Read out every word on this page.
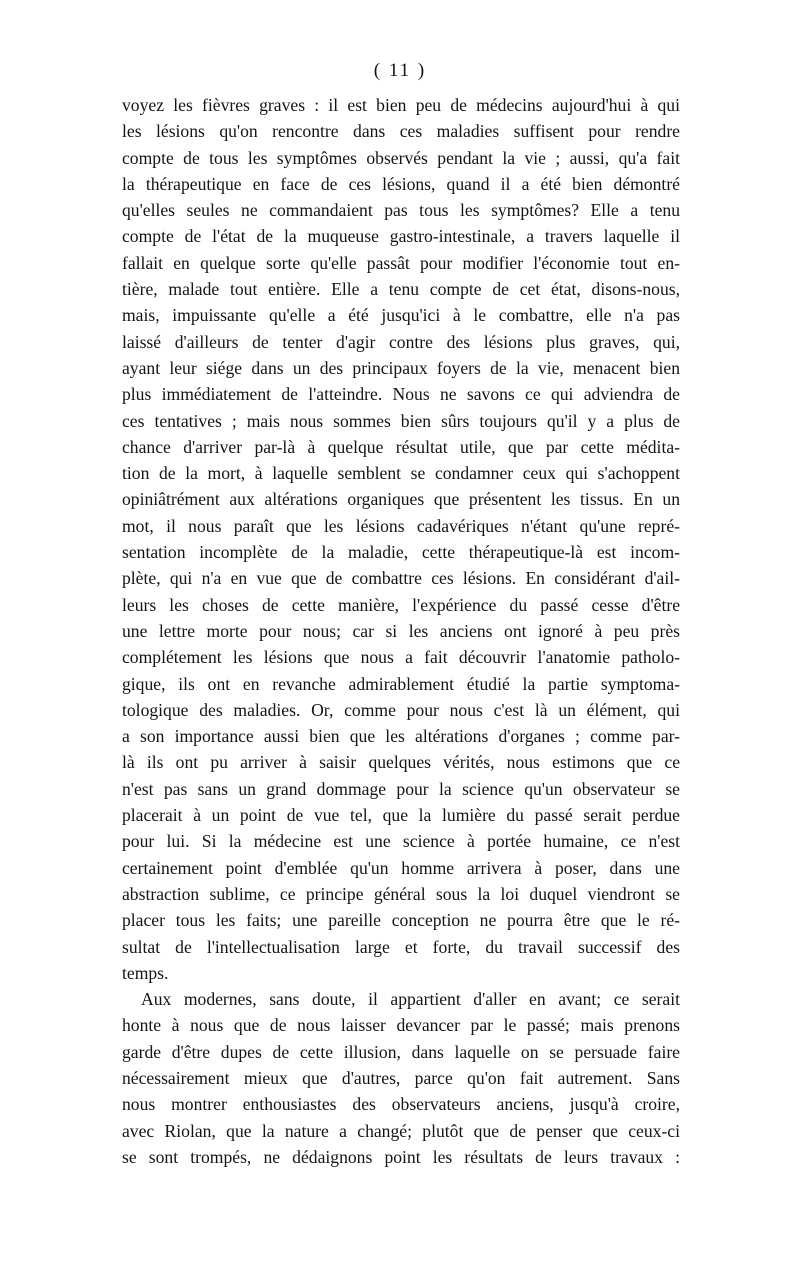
( 11 )
voyez les fièvres graves : il est bien peu de médecins aujourd'hui à qui
les lésions qu'on rencontre dans ces maladies suffisent pour rendre
compte de tous les symptômes observés pendant la vie ; aussi, qu'a fait
la thérapeutique en face de ces lésions, quand il a été bien démontré
qu'elles seules ne commandaient pas tous les symptômes? Elle a tenu
compte de l'état de la muqueuse gastro-intestinale, a travers laquelle il
fallait en quelque sorte qu'elle passât pour modifier l'économie tout en-
tière, malade tout entière. Elle a tenu compte de cet état, disons-nous,
mais, impuissante qu'elle a été jusqu'ici à le combattre, elle n'a pas
laissé d'ailleurs de tenter d'agir contre des lésions plus graves, qui,
ayant leur siége dans un des principaux foyers de la vie, menacent bien
plus immédiatement de l'atteindre. Nous ne savons ce qui adviendra de
ces tentatives ; mais nous sommes bien sûrs toujours qu'il y a plus de
chance d'arriver par-là à quelque résultat utile, que par cette médita-
tion de la mort, à laquelle semblent se condamner ceux qui s'achoppent
opiniâtrément aux altérations organiques que présentent les tissus. En un
mot, il nous paraît que les lésions cadavériques n'étant qu'une repré-
sentation incomplète de la maladie, cette thérapeutique-là est incom-
plète, qui n'a en vue que de combattre ces lésions. En considérant d'ail-
leurs les choses de cette manière, l'expérience du passé cesse d'être
une lettre morte pour nous; car si les anciens ont ignoré à peu près
complétement les lésions que nous a fait découvrir l'anatomie patholo-
gique, ils ont en revanche admirablement étudié la partie symptoma-
tologique des maladies. Or, comme pour nous c'est là un élément, qui
a son importance aussi bien que les altérations d'organes ; comme par-
là ils ont pu arriver à saisir quelques vérités, nous estimons que ce
n'est pas sans un grand dommage pour la science qu'un observateur se
placerait à un point de vue tel, que la lumière du passé serait perdue
pour lui. Si la médecine est une science à portée humaine, ce n'est
certainement point d'emblée qu'un homme arrivera à poser, dans une
abstraction sublime, ce principe général sous la loi duquel viendront se
placer tous les faits; une pareille conception ne pourra être que le ré-
sultat de l'intellectualisation large et forte, du travail successif des
temps.
Aux modernes, sans doute, il appartient d'aller en avant; ce serait
honte à nous que de nous laisser devancer par le passé; mais prenons
garde d'être dupes de cette illusion, dans laquelle on se persuade faire
nécessairement mieux que d'autres, parce qu'on fait autrement. Sans
nous montrer enthousiastes des observateurs anciens, jusqu'à croire,
avec Riolan, que la nature a changé; plutôt que de penser que ceux-ci
se sont trompés, ne dédaignons point les résultats de leurs travaux :
